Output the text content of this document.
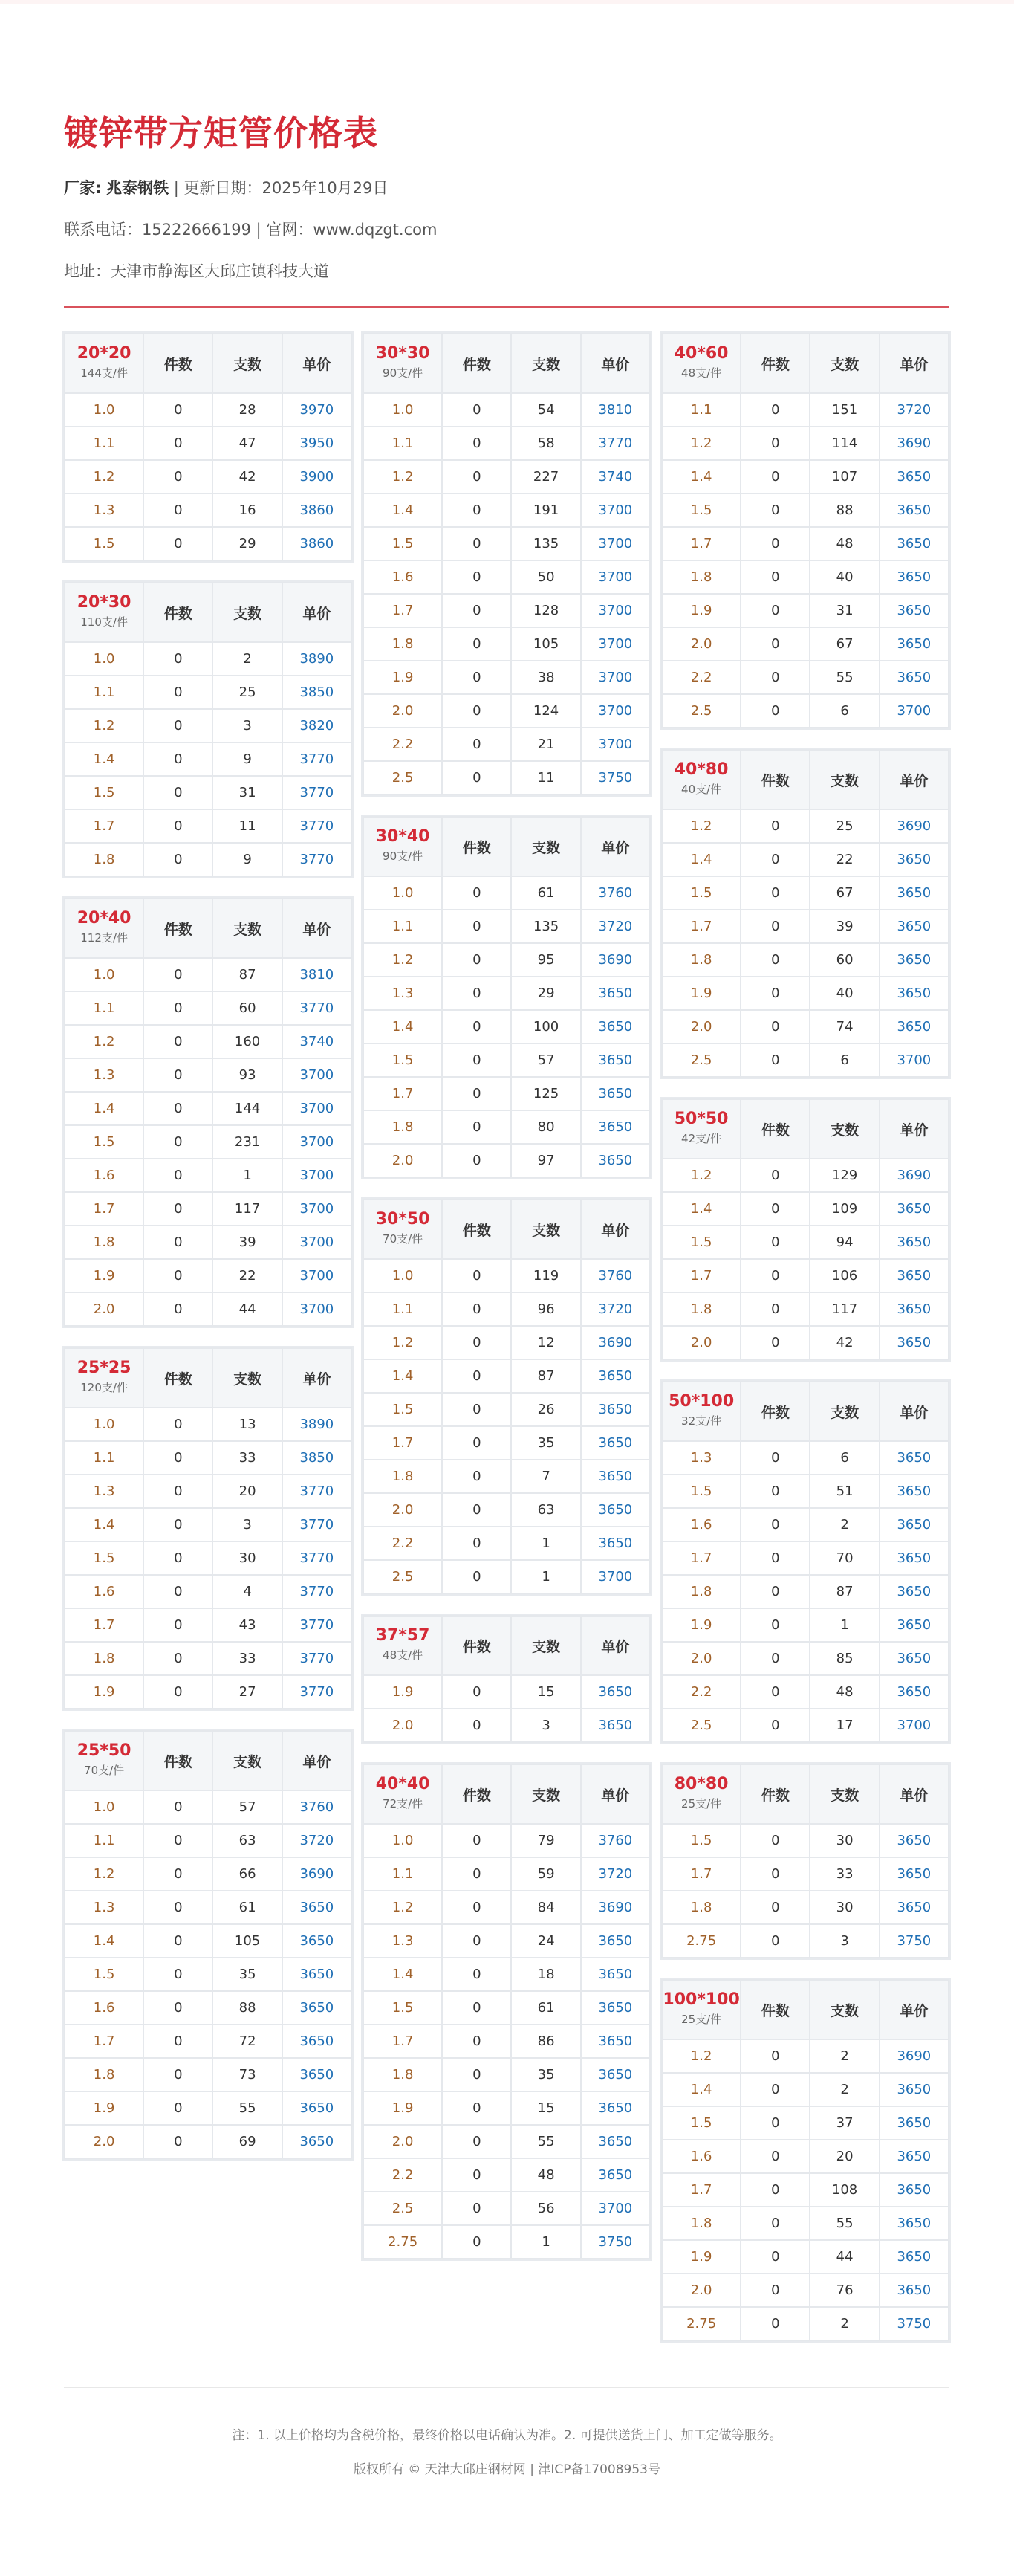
镀锌带方矩管价格表
厂家: 兆泰钢铁 | 更新日期：2025年10月29日
联系电话：15222666199 | 官网：www.dqzgt.com
地址：天津市静海区大邱庄镇科技大道
20*20
144支/件	件数	支数	单价
1.0	0	28	3970
1.1	0	47	3950
1.2	0	42	3900
1.3	0	16	3860
1.5	0	29	3860
20*30
110支/件	件数	支数	单价
1.0	0	2	3890
1.1	0	25	3850
1.2	0	3	3820
1.4	0	9	3770
1.5	0	31	3770
1.7	0	11	3770
1.8	0	9	3770
20*40
112支/件	件数	支数	单价
1.0	0	87	3810
1.1	0	60	3770
1.2	0	160	3740
1.3	0	93	3700
1.4	0	144	3700
1.5	0	231	3700
1.6	0	1	3700
1.7	0	117	3700
1.8	0	39	3700
1.9	0	22	3700
2.0	0	44	3700
25*25
120支/件	件数	支数	单价
1.0	0	13	3890
1.1	0	33	3850
1.3	0	20	3770
1.4	0	3	3770
1.5	0	30	3770
1.6	0	4	3770
1.7	0	43	3770
1.8	0	33	3770
1.9	0	27	3770
25*50
70支/件	件数	支数	单价
1.0	0	57	3760
1.1	0	63	3720
1.2	0	66	3690
1.3	0	61	3650
1.4	0	105	3650
1.5	0	35	3650
1.6	0	88	3650
1.7	0	72	3650
1.8	0	73	3650
1.9	0	55	3650
2.0	0	69	3650
30*30
90支/件	件数	支数	单价
1.0	0	54	3810
1.1	0	58	3770
1.2	0	227	3740
1.4	0	191	3700
1.5	0	135	3700
1.6	0	50	3700
1.7	0	128	3700
1.8	0	105	3700
1.9	0	38	3700
2.0	0	124	3700
2.2	0	21	3700
2.5	0	11	3750
30*40
90支/件	件数	支数	单价
1.0	0	61	3760
1.1	0	135	3720
1.2	0	95	3690
1.3	0	29	3650
1.4	0	100	3650
1.5	0	57	3650
1.7	0	125	3650
1.8	0	80	3650
2.0	0	97	3650
30*50
70支/件	件数	支数	单价
1.0	0	119	3760
1.1	0	96	3720
1.2	0	12	3690
1.4	0	87	3650
1.5	0	26	3650
1.7	0	35	3650
1.8	0	7	3650
2.0	0	63	3650
2.2	0	1	3650
2.5	0	1	3700
37*57
48支/件	件数	支数	单价
1.9	0	15	3650
2.0	0	3	3650
40*40
72支/件	件数	支数	单价
1.0	0	79	3760
1.1	0	59	3720
1.2	0	84	3690
1.3	0	24	3650
1.4	0	18	3650
1.5	0	61	3650
1.7	0	86	3650
1.8	0	35	3650
1.9	0	15	3650
2.0	0	55	3650
2.2	0	48	3650
2.5	0	56	3700
2.75	0	1	3750
40*60
48支/件	件数	支数	单价
1.1	0	151	3720
1.2	0	114	3690
1.4	0	107	3650
1.5	0	88	3650
1.7	0	48	3650
1.8	0	40	3650
1.9	0	31	3650
2.0	0	67	3650
2.2	0	55	3650
2.5	0	6	3700
40*80
40支/件	件数	支数	单价
1.2	0	25	3690
1.4	0	22	3650
1.5	0	67	3650
1.7	0	39	3650
1.8	0	60	3650
1.9	0	40	3650
2.0	0	74	3650
2.5	0	6	3700
50*50
42支/件	件数	支数	单价
1.2	0	129	3690
1.4	0	109	3650
1.5	0	94	3650
1.7	0	106	3650
1.8	0	117	3650
2.0	0	42	3650
50*100
32支/件	件数	支数	单价
1.3	0	6	3650
1.5	0	51	3650
1.6	0	2	3650
1.7	0	70	3650
1.8	0	87	3650
1.9	0	1	3650
2.0	0	85	3650
2.2	0	48	3650
2.5	0	17	3700
80*80
25支/件	件数	支数	单价
1.5	0	30	3650
1.7	0	33	3650
1.8	0	30	3650
2.75	0	3	3750
100*100
25支/件	件数	支数	单价
1.2	0	2	3690
1.4	0	2	3650
1.5	0	37	3650
1.6	0	20	3650
1.7	0	108	3650
1.8	0	55	3650
1.9	0	44	3650
2.0	0	76	3650
2.75	0	2	3750
注：1. 以上价格均为含税价格，最终价格以电话确认为准。2. 可提供送货上门、加工定做等服务。
版权所有 © 天津大邱庄钢材网 | 津ICP备17008953号
